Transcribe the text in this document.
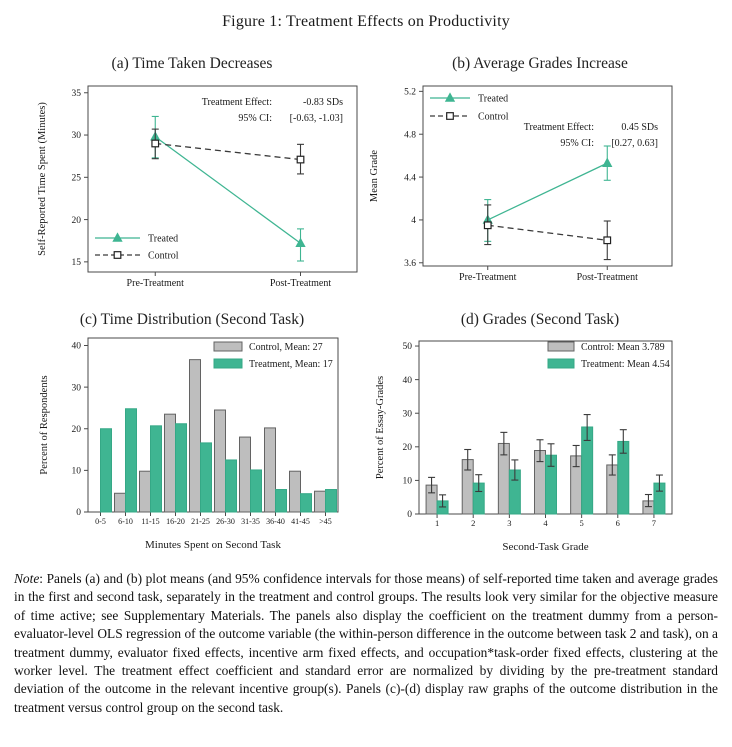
Figure 1: Treatment Effects on Productivity
(a) Time Taken Decreases
15
20
25
30
35
Self-Reported Time Spent (Minutes)
Pre-Treatment	Post-Treatment
Treated
Control
Treatment Effect:	-0.83 SDs
95% CI: [-0.63, -1.03]
(b) Average Grades Increase
3.6
4
4.4
4.8
5.2
Mean Grade
Pre-Treatment	Post-Treatment
Treated
Control
Treatment Effect:	0.45 SDs
95% CI: [0.27, 0.63]
(c) Time Distribution (Second Task)
0
10
20
30
40
Percent of Respondents
0-5 6-10 11-15 16-20 21-25 26-30 31-35 36-40 41-45 >45
Minutes Spent on Second Task
Control, Mean: 27
Treatment, Mean: 17
(d) Grades (Second Task)
0
10
20
30
40
50
Percent of Essay-Grades
1	2	3	4	5	6	7
Second-Task Grade
Control: Mean 3.789
Treatment: Mean 4.54

Note: Panels (a) and (b) plot means (and 95% confidence intervals for those means) of self-reported time taken and average grades in the first and second task, separately in the treatment and control groups. The results look very similar for the objective measure of time active; see Supplementary Materials. The panels also display the coefficient on the treatment dummy from a person-evaluator-level OLS regression of the outcome variable (the within-person difference in the outcome between task 2 and task), on a treatment dummy, evaluator fixed effects, incentive arm fixed effects, and occupation*task-order fixed effects, clustering at the worker level. The treatment effect coefficient and standard error are normalized by dividing by the pre-treatment standard deviation of the outcome in the relevant incentive group(s). Panels (c)-(d) display raw graphs of the outcome distribution in the treatment versus control group on the second task.
